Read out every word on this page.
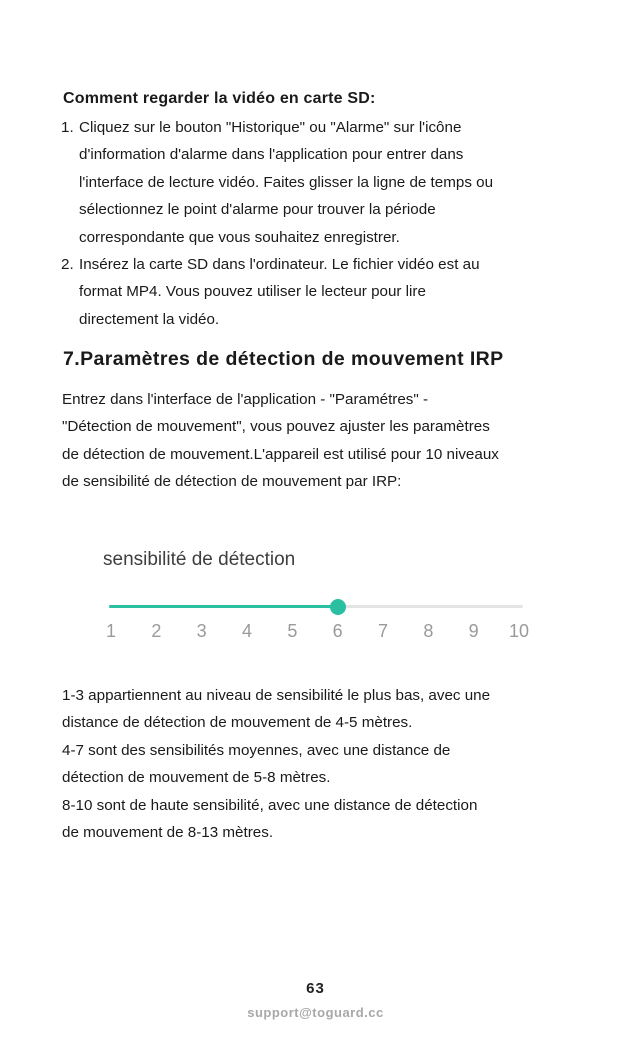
Comment regarder la vidéo en carte SD:
1. Cliquez sur le bouton "Historique" ou "Alarme" sur l'icône
d'information d'alarme dans l'application pour entrer dans
l'interface de lecture vidéo. Faites glisser la ligne de temps ou
sélectionnez le point d'alarme pour trouver la période
correspondante que vous souhaitez enregistrer.
2. Insérez la carte SD dans l'ordinateur. Le fichier vidéo est au
format MP4. Vous pouvez utiliser le lecteur pour lire
directement la vidéo.
7.Paramètres de détection de mouvement IRP
Entrez dans l'interface de l'application - "Paramétres" -
"Détection de mouvement", vous pouvez ajuster les paramètres
de détection de mouvement.L'appareil est utilisé pour 10 niveaux
de sensibilité de détection de mouvement par IRP:
sensibilité de détection
1 2 3 4 5 6 7 8 9 10
1-3 appartiennent au niveau de sensibilité le plus bas, avec une
distance de détection de mouvement de 4-5 mètres.
4-7 sont des sensibilités moyennes, avec une distance de
détection de mouvement de 5-8 mètres.
8-10 sont de haute sensibilité, avec une distance de détection
de mouvement de 8-13 mètres.
63
support@toguard.cc
